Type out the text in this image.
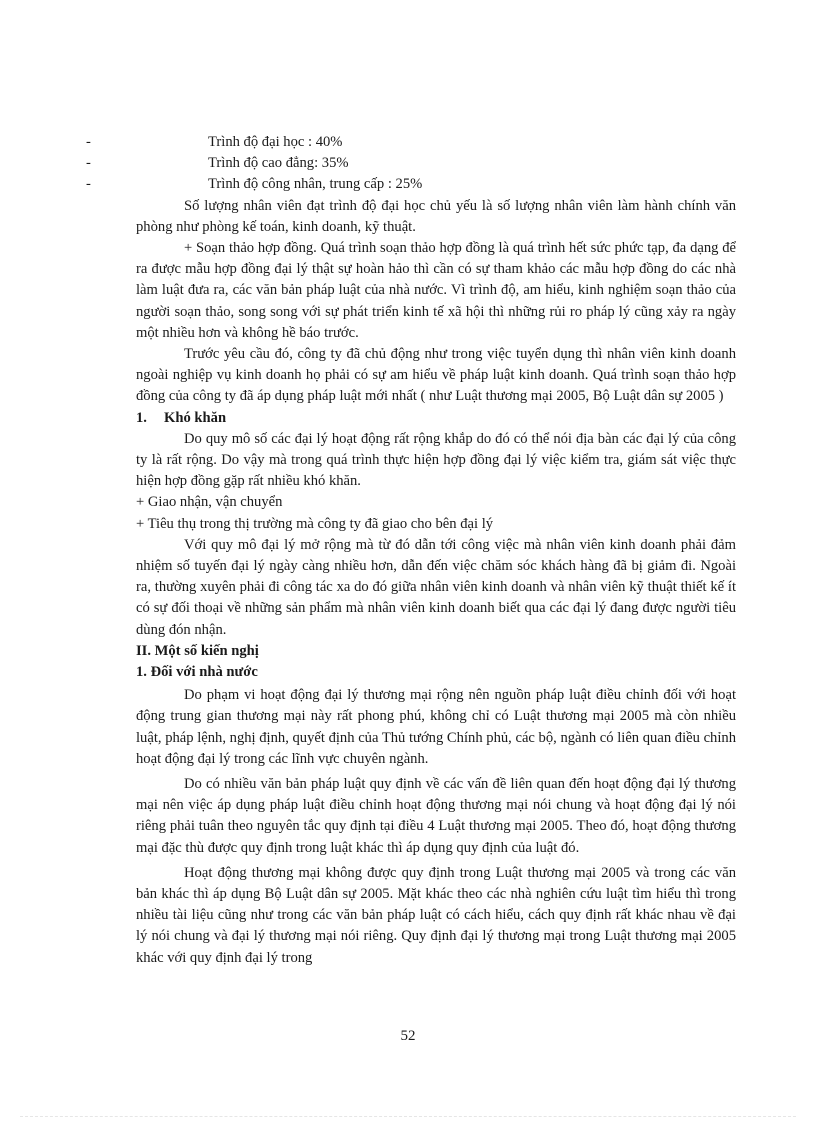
-	Trình độ đại học : 40%
-	Trình độ cao đẳng: 35%
-	Trình độ công nhân, trung cấp : 25%

Số lượng nhân viên đạt trình độ đại học chủ yếu là số lượng nhân viên làm hành chính văn phòng như phòng kế toán, kinh doanh, kỹ thuật.

+ Soạn thảo hợp đồng. Quá trình soạn thảo hợp đồng là quá trình hết sức phức tạp, đa dạng để ra được mẫu hợp đồng đại lý thật sự hoàn hảo thì cần có sự tham khảo các mẫu hợp đồng do các nhà làm luật đưa ra, các văn bản pháp luật của nhà nước. Vì trình độ, am hiểu, kinh nghiệm soạn thảo của người soạn thảo, song song với sự phát triển kinh tế xã hội thì những rủi ro pháp lý cũng xảy ra ngày một nhiều hơn và không hề báo trước.

Trước yêu cầu đó, công ty đã chủ động như trong việc tuyển dụng thì nhân viên kinh doanh ngoài nghiệp vụ kinh doanh họ phải có sự am hiểu về pháp luật kinh doanh. Quá trình soạn thảo hợp đồng của công ty đã áp dụng pháp luật mới nhất ( như Luật thương mại 2005, Bộ Luật dân sự 2005 )

1. Khó khăn

Do quy mô số các đại lý hoạt động rất rộng khắp do đó có thể nói địa bàn các đại lý của công ty là rất rộng. Do vậy mà trong quá trình thực hiện hợp đồng đại lý việc kiểm tra, giám sát việc thực hiện hợp đồng gặp rất nhiều khó khăn.

+ Giao nhận, vận chuyển

+ Tiêu thụ trong thị trường mà công ty đã giao cho bên đại lý

Với quy mô đại lý mở rộng mà từ đó dẫn tới công việc mà nhân viên kinh doanh phải đảm nhiệm số tuyến đại lý ngày càng nhiều hơn, dẫn đến việc chăm sóc khách hàng đã bị giảm đi. Ngoài ra, thường xuyên phải đi công tác xa do đó giữa nhân viên kinh doanh và nhân viên kỹ thuật thiết kế ít có sự đối thoại về những sản phẩm mà nhân viên kinh doanh biết qua các đại lý đang được người tiêu dùng đón nhận.

II. Một số kiến nghị

1. Đối với nhà nước

Do phạm vi hoạt động đại lý thương mại rộng nên nguồn pháp luật điều chỉnh đối với hoạt động trung gian thương mại này rất phong phú, không chỉ có Luật thương mại 2005 mà còn nhiều luật, pháp lệnh, nghị định, quyết định của Thủ tướng Chính phủ, các bộ, ngành có liên quan điều chỉnh hoạt động đại lý trong các lĩnh vực chuyên ngành.

Do có nhiều văn bản pháp luật quy định về các vấn đề liên quan đến hoạt động đại lý thương mại nên việc áp dụng pháp luật điều chỉnh hoạt động thương mại nói chung và hoạt động đại lý nói riêng phải tuân theo nguyên tắc quy định tại điều 4 Luật thương mại 2005. Theo đó, hoạt động thương mại đặc thù được quy định trong luật khác thì áp dụng quy định của luật đó.

Hoạt động thương mại không được quy định trong Luật thương mại 2005 và trong các văn bản khác thì áp dụng Bộ Luật dân sự 2005. Mặt khác theo các nhà nghiên cứu luật tìm hiểu thì trong nhiều tài liệu cũng như trong các văn bản pháp luật có cách hiểu, cách quy định rất khác nhau về đại lý nói chung và đại lý thương mại nói riêng. Quy định đại lý thương mại trong Luật thương mại 2005 khác với quy định đại lý trong

52
